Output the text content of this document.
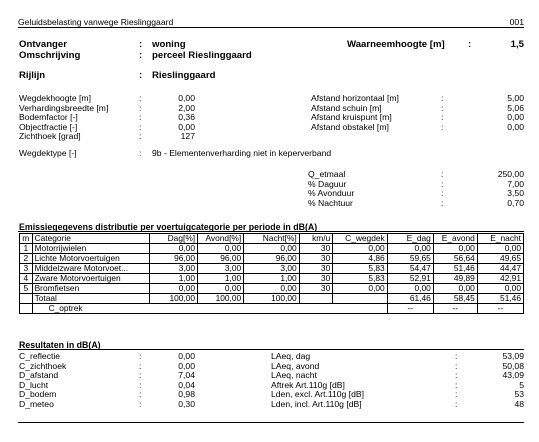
Geluidsbelasting vanwege Rieslinggaard	001
Ontvanger	: woning	Waarneemhoogte [m] :	1,5
Omschrijving	: perceel Rieslinggaard
Rijlijn	: Rieslinggaard
Wegdekhoogte [m]	:	0,00
Verhardingsbreedte [m]	:	2,00
Bodemfactor [-]	:	0,36
Objectfractie [-]	:	0,00
Zichthoek [grad]	:	127
Afstand horizontaal [m]	:	5,00
Afstand schuin [m]	:	5,06
Afstand kruispunt [m]	:	0,00
Afstand obstakel [m]	:	0,00
Wegdektype [-]	: 9b - Elementenverharding niet in keperverband
Q_etmaal	:	250,00
% Daguur	:	7,00
% Avonduur	:	3,50
% Nachtuur	:	0,70
Emissiegegevens distributie per voertuigcategorie per periode in dB(A)
m	Categorie	Dag[%]	Avond[%]	Nacht[%]	km/u	C_wegdek	E_dag	E_avond	E_nacht
1	Motorrijwielen	0,00	0,00	0,00	30	0,00	0,00	0,00	0,00
2	Lichte Motorvoertuigen	96,00	96,00	96,00	30	4,86	59,65	56,64	49,65
3	Middelzware Motorvoet...	3,00	3,00	3,00	30	5,83	54,47	51,46	44,47
4	Zware Motorvoertuigen	1,00	1,00	1,00	30	5,83	52,91	49,89	42,91
5	Bromfietsen	0,00	0,00	0,00	30	0,00	0,00	0,00	0,00
	Totaal	100,00	100,00	100,00			61,46	58,45	51,46
	C_optrek						--	--	--
Resultaten in dB(A)
C_reflectie	:	0,00
C_zichthoek	:	0,00
D_afstand	:	7,04
D_lucht	:	0,04
D_bodem	:	0,98
D_meteo	:	0,30
LAeq, dag	:	53,09
LAeq, avond	:	50,08
LAeq, nacht	:	43,09
Aftrek Art.110g [dB]	:	5
Lden, excl. Art.110g [dB]	:	53
Lden, incl. Art.110g [dB]	:	48
